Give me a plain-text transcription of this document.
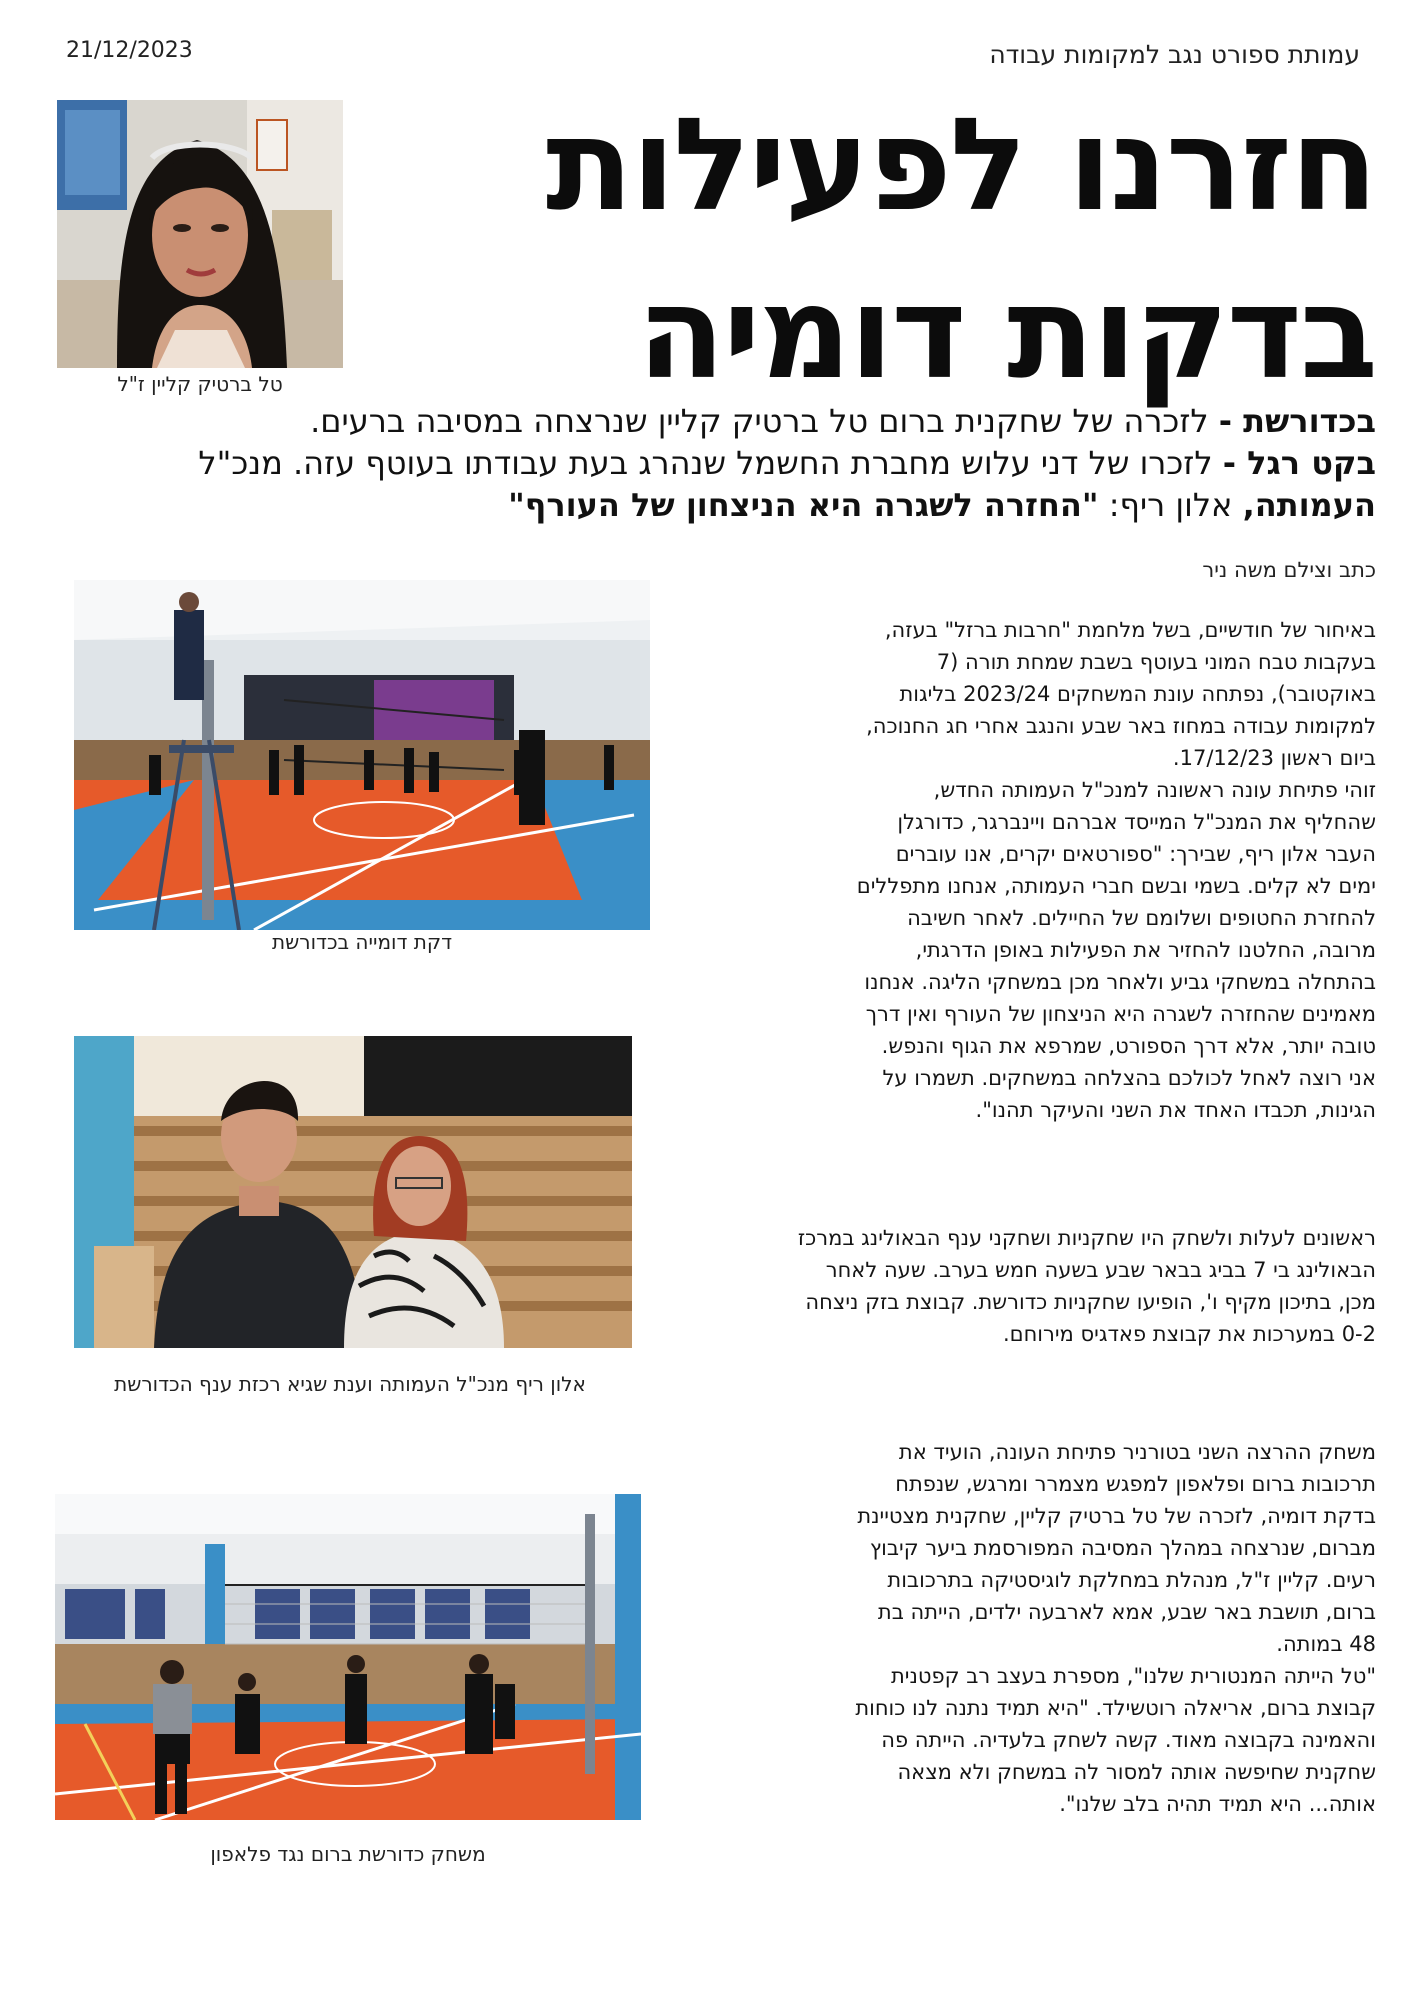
21/12/2023	עמותת ספורט נגב למקומות עבודה
חזרנו לפעילות
בדקות דומיה
טל ברטיק קליין ז"ל
בכדורשת - לזכרה של שחקנית ברום טל ברטיק קליין שנרצחה במסיבה ברעים.
בקט רגל - לזכרו של דני עלוש מחברת החשמל שנהרג בעת עבודתו בעוטף עזה. מנכ"ל
העמותה, אלון ריף: "החזרה לשגרה היא הניצחון של העורף"
כתב וצילם משה ניר
דקת דומייה בכדורשת
אלון ריף מנכ"ל העמותה וענת שגיא רכזת ענף הכדורשת
משחק כדורשת ברום נגד פלאפון

באיחור של חודשיים, בשל מלחמת "חרבות ברזל" בעזה,

בעקבות טבח המוני בעוטף בשבת שמחת תורה (7

באוקטובר), נפתחה עונת המשחקים 2023/24 בליגות

למקומות עבודה במחוז באר שבע והנגב אחרי חג החנוכה,

ביום ראשון 17/12/23.

זוהי פתיחת עונה ראשונה למנכ"ל העמותה החדש,

שהחליף את המנכ"ל המייסד אברהם ויינברגר, כדורגלן

העבר אלון ריף, שבירך: "ספורטאים יקרים, אנו עוברים

ימים לא קלים. בשמי ובשם חברי העמותה, אנחנו מתפללים

להחזרת החטופים ושלומם של החיילים. לאחר חשיבה

מרובה, החלטנו להחזיר את הפעילות באופן הדרגתי,

בהתחלה במשחקי גביע ולאחר מכן במשחקי הליגה. אנחנו

מאמינים שהחזרה לשגרה היא הניצחון של העורף ואין דרך

טובה יותר, אלא דרך הספורט, שמרפא את הגוף והנפש.

אני רוצה לאחל לכולכם בהצלחה במשחקים. תשמרו על

הגינות, תכבדו האחד את השני והעיקר תהנו".

ראשונים לעלות ולשחק היו שחקניות ושחקני ענף הבאולינג במרכז

הבאולינג בי 7 בביג בבאר שבע בשעה חמש בערב. שעה לאחר

מכן, בתיכון מקיף ו', הופיעו שחקניות כדורשת. קבוצת בזק ניצחה

0-2 במערכות את קבוצת פאדגיס מירוחם.

משחק ההרצה השני בטורניר פתיחת העונה, הועיד את

תרכובות ברום ופלאפון למפגש מצמרר ומרגש, שנפתח

בדקת דומיה, לזכרה של טל ברטיק קליין, שחקנית מצטיינת

מברום, שנרצחה במהלך המסיבה המפורסמת ביער קיבוץ

רעים. קליין ז"ל, מנהלת במחלקת לוגיסטיקה בתרכובות

ברום, תושבת באר שבע, אמא לארבעה ילדים, הייתה בת

48 במותה.

"טל הייתה המנטורית שלנו", מספרת בעצב רב קפטנית

קבוצת ברום, אריאלה רוטשילד. "היא תמיד נתנה לנו כוחות

והאמינה בקבוצה מאוד. קשה לשחק בלעדיה. הייתה פה

שחקנית שחיפשה אותה למסור לה במשחק ולא מצאה

אותה... היא תמיד תהיה בלב שלנו".
